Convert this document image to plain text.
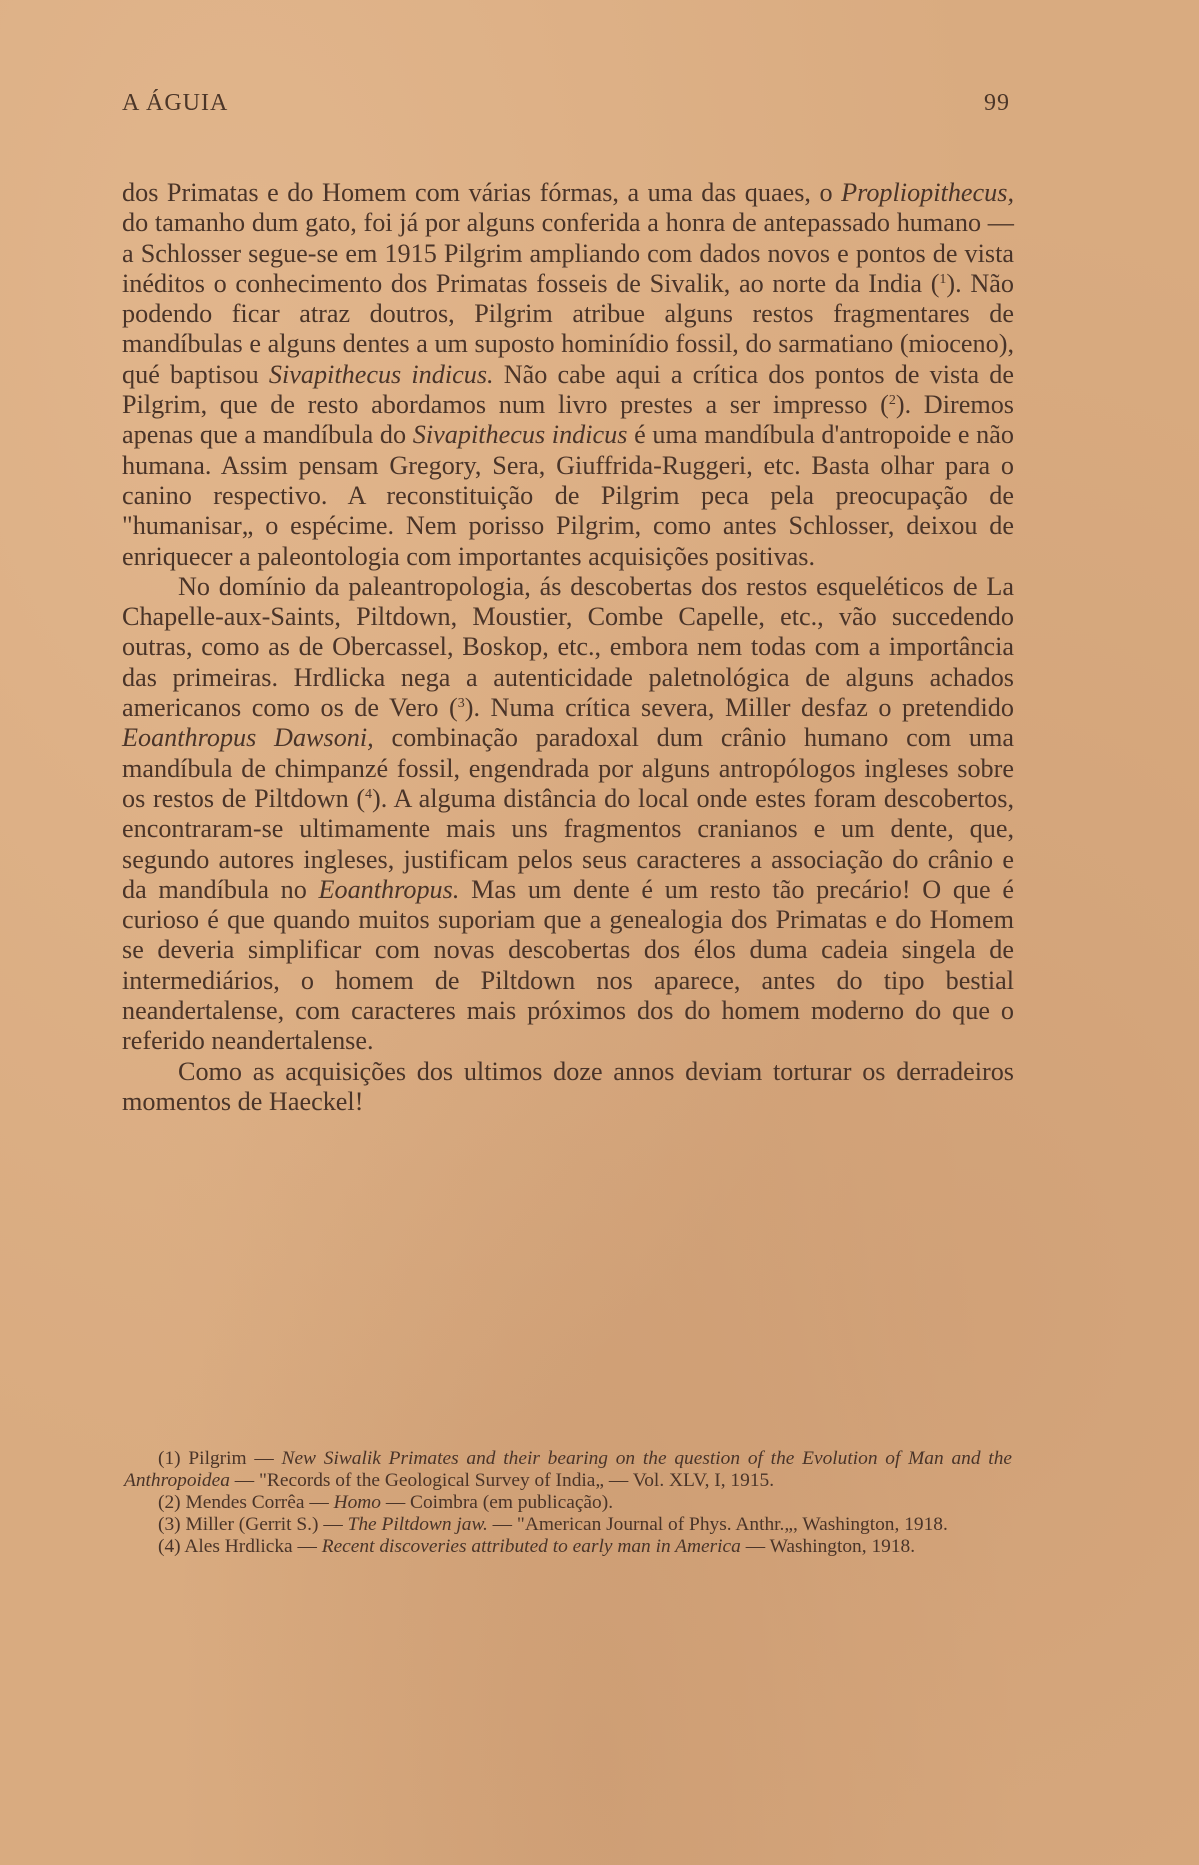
A ÁGUIA	99

dos Primatas e do Homem com várias fórmas, a uma das quaes, o Propliopithecus, do tamanho dum gato, foi já por alguns conferida a honra de antepassado humano — a Schlosser segue-se em 1915 Pilgrim ampliando com dados novos e pontos de vista inéditos o conhecimento dos Primatas fosseis de Sivalik, ao norte da India ($^1$). Não podendo ficar atraz doutros, Pilgrim atribue alguns restos fragmentares de mandíbulas e alguns dentes a um suposto hominídio fossil, do sarmatiano (mioceno), qué baptisou Sivapithecus indicus. Não cabe aqui a crítica dos pontos de vista de Pilgrim, que de resto abordamos num livro prestes a ser impresso ($^2$). Diremos apenas que a mandíbula do Sivapithecus indicus é uma mandíbula d'antropoide e não humana. Assim pensam Gregory, Sera, Giuffrida-Ruggeri, etc. Basta olhar para o canino respectivo. A reconstituição de Pilgrim peca pela preocupação de "humanisar„ o espécime. Nem porisso Pilgrim, como antes Schlosser, deixou de enriquecer a paleontologia com importantes acquisições positivas.

No domínio da paleantropologia, ás descobertas dos restos esqueléticos de La Chapelle-aux-Saints, Piltdown, Moustier, Combe Capelle, etc., vão succedendo outras, como as de Obercassel, Boskop, etc., embora nem todas com a importância das primeiras. Hrdlicka nega a autenticidade paletnológica de alguns achados americanos como os de Vero ($^3$). Numa crítica severa, Miller desfaz o pretendido Eoanthropus Dawsoni, combinação paradoxal dum crânio humano com uma mandíbula de chimpanzé fossil, engendrada por alguns antropólogos ingleses sobre os restos de Piltdown ($^4$). A alguma distância do local onde estes foram descobertos, encontraram-se ultimamente mais uns fragmentos cranianos e um dente, que, segundo autores ingleses, justificam pelos seus caracteres a associação do crânio e da mandíbula no Eoanthropus. Mas um dente é um resto tão precário! O que é curioso é que quando muitos suporiam que a genealogia dos Primatas e do Homem se deveria simplificar com novas descobertas dos élos duma cadeia singela de intermediários, o homem de Piltdown nos aparece, antes do tipo bestial neandertalense, com caracteres mais próximos dos do homem moderno do que o referido neandertalense.

Como as acquisições dos ultimos doze annos deviam torturar os derradeiros momentos de Haeckel!

(1) Pilgrim — New Siwalik Primates and their bearing on the question of the Evolution of Man and the Anthropoidea — "Records of the Geological Survey of India„ — Vol. XLV, I, 1915.

(2) Mendes Corrêa — Homo — Coimbra (em publicação).

(3) Miller (Gerrit S.) — The Piltdown jaw. — "American Journal of Phys. Anthr.„, Washington, 1918.

(4) Ales Hrdlicka — Recent discoveries attributed to early man in America — Washington, 1918.
